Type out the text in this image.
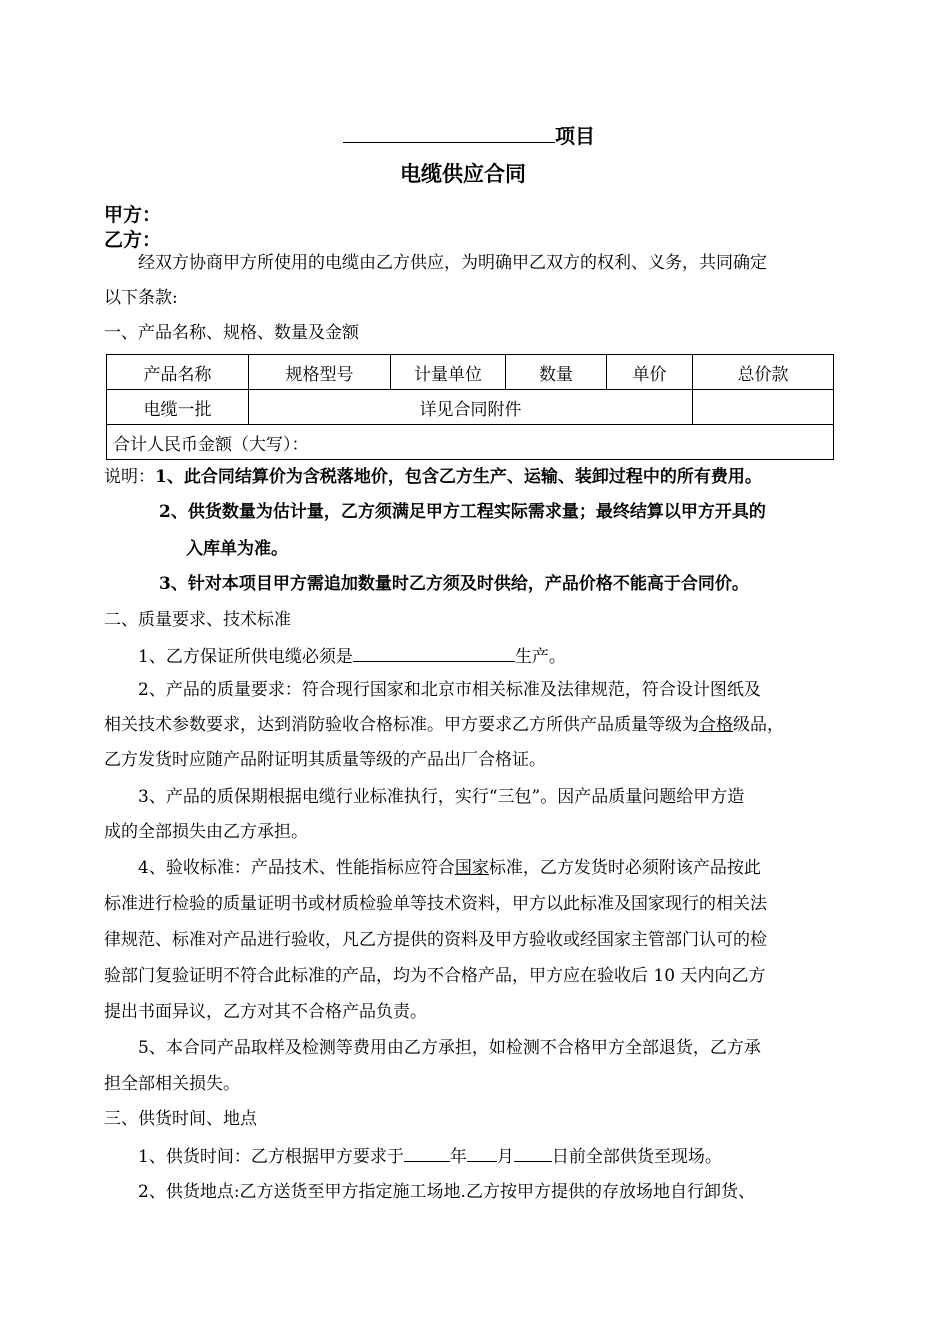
项目
电缆供应合同
甲方：
乙方：
经双方协商甲方所使用的电缆由乙方供应，为明确甲乙双方的权利、义务，共同确定
以下条款:
一、产品名称、规格、数量及金额
产品名称	规格型号	计量单位	数量	单价	总价款
电缆一批	详见合同附件				
合计人民币金额（大写）：					
说明：1、此合同结算价为含税落地价，包含乙方生产、运输、装卸过程中的所有费用。
2、供货数量为估计量，乙方须满足甲方工程实际需求量；最终结算以甲方开具的
入库单为准。
3、针对本项目甲方需追加数量时乙方须及时供给，产品价格不能高于合同价。
二、质量要求、技术标准
1、乙方保证所供电缆必须是	生产。
2、产品的质量要求：符合现行国家和北京市相关标准及法律规范，符合设计图纸及
相关技术参数要求，达到消防验收合格标准。甲方要求乙方所供产品质量等级为合格级品，
乙方发货时应随产品附证明其质量等级的产品出厂合格证。
3、产品的质保期根据电缆行业标准执行，实行“三包”。因产品质量问题给甲方造
成的全部损失由乙方承担。
4、验收标准：产品技术、性能指标应符合国家标准，乙方发货时必须附该产品按此
标准进行检验的质量证明书或材质检验单等技术资料，甲方以此标准及国家现行的相关法
律规范、标准对产品进行验收，凡乙方提供的资料及甲方验收或经国家主管部门认可的检
验部门复验证明不符合此标准的产品，均为不合格产品，甲方应在验收后 10 天内向乙方
提出书面异议，乙方对其不合格产品负责。
5、本合同产品取样及检测等费用由乙方承担，如检测不合格甲方全部退货，乙方承
担全部相关损失。
三、供货时间、地点
1、供货时间：乙方根据甲方要求于	年 月 日前全部供货至现场。
2、供货地点:乙方送货至甲方指定施工场地.乙方按甲方提供的存放场地自行卸货、
